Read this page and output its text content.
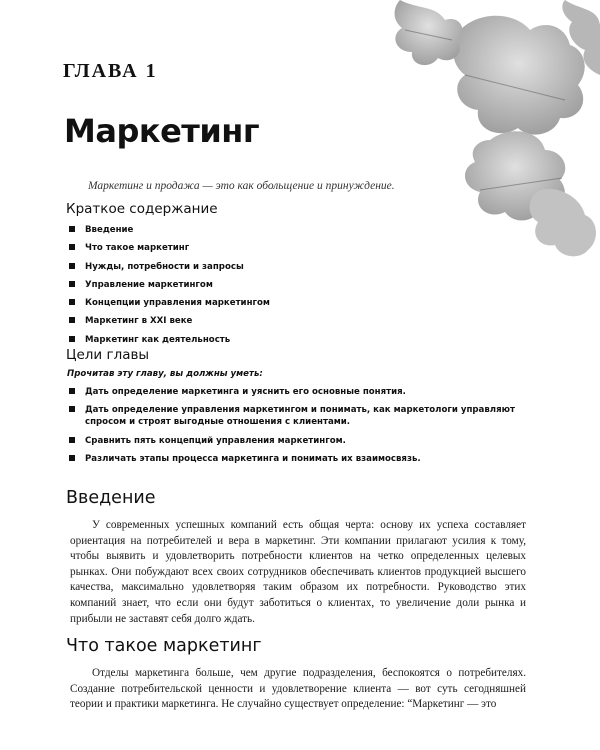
ГЛАВА 1
Маркетинг
Маркетинг и продажа — это как обольщение и принуждение.
Краткое содержание
Введение
Что такое маркетинг
Нужды, потребности и запросы
Управление маркетингом
Концепции управления маркетингом
Маркетинг в XXI веке
Маркетинг как деятельность
Цели главы
Прочитав эту главу, вы должны уметь:
Дать определение маркетинга и уяснить его основные понятия.
Дать определение управления маркетингом и понимать, как маркетологи управляют спросом и строят выгодные отношения с клиентами.
Сравнить пять концепций управления маркетингом.
Различать этапы процесса маркетинга и понимать их взаимосвязь.
Введение

У современных успешных компаний есть общая черта: основу их успеха составляет ориентация на потребителей и вера в маркетинг. Эти компании прилагают усилия к тому, чтобы выявить и удовлетворить потребности клиентов на четко определенных целевых рынках. Они побуждают всех своих сотрудников обеспечивать клиентов продукцией высшего качества, максимально удовлетворяя таким образом их потребности. Руководство этих компаний знает, что если они будут заботиться о клиентах, то увеличение доли рынка и прибыли не заставят себя долго ждать.

Что такое маркетинг

Отделы маркетинга больше, чем другие подразделения, беспокоятся о потребителях. Создание потребительской ценности и удовлетворение клиента — вот суть сегодняшней теории и практики маркетинга. Не случайно существует определение: “Маркетинг — это
